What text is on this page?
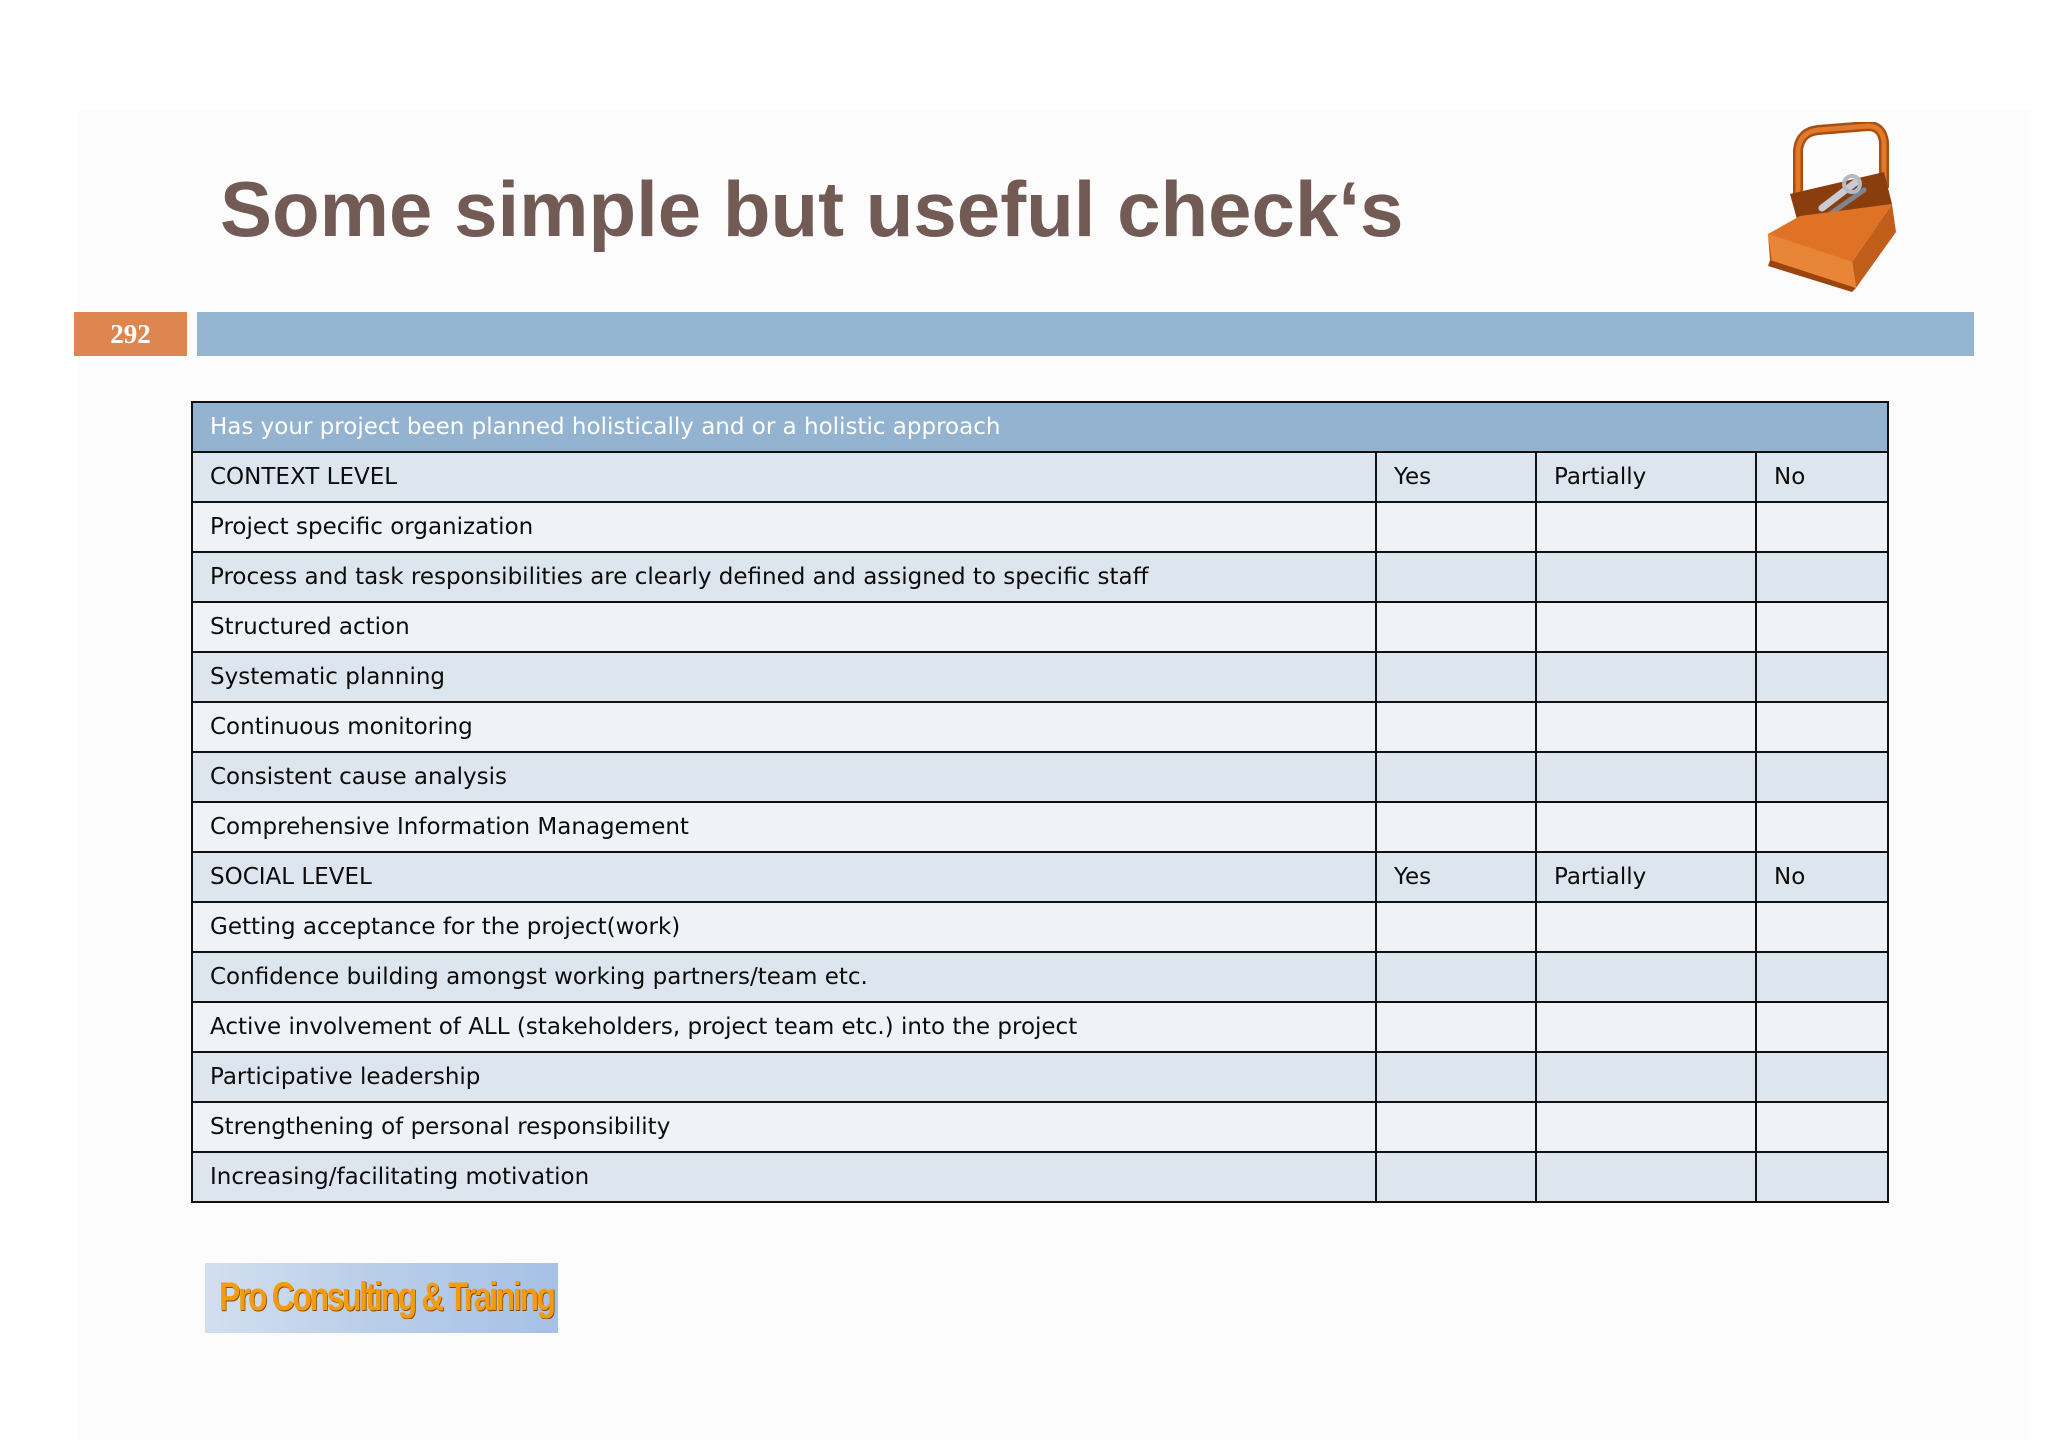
Some simple but useful check‘s
292
Has your project been planned holistically and or a holistic approach			
CONTEXT LEVEL	Yes	Partially	No
Project specific organization			
Process and task responsibilities are clearly defined and assigned to specific staff			
Structured action			
Systematic planning			
Continuous monitoring			
Consistent cause analysis			
Comprehensive Information Management			
SOCIAL LEVEL	Yes	Partially	No
Getting acceptance for the project(work)			
Confidence building amongst working partners/team etc.			
Active involvement of ALL (stakeholders, project team etc.) into the project			
Participative leadership			
Strengthening of personal responsibility			
Increasing/facilitating motivation			
Pro Consulting & Training
